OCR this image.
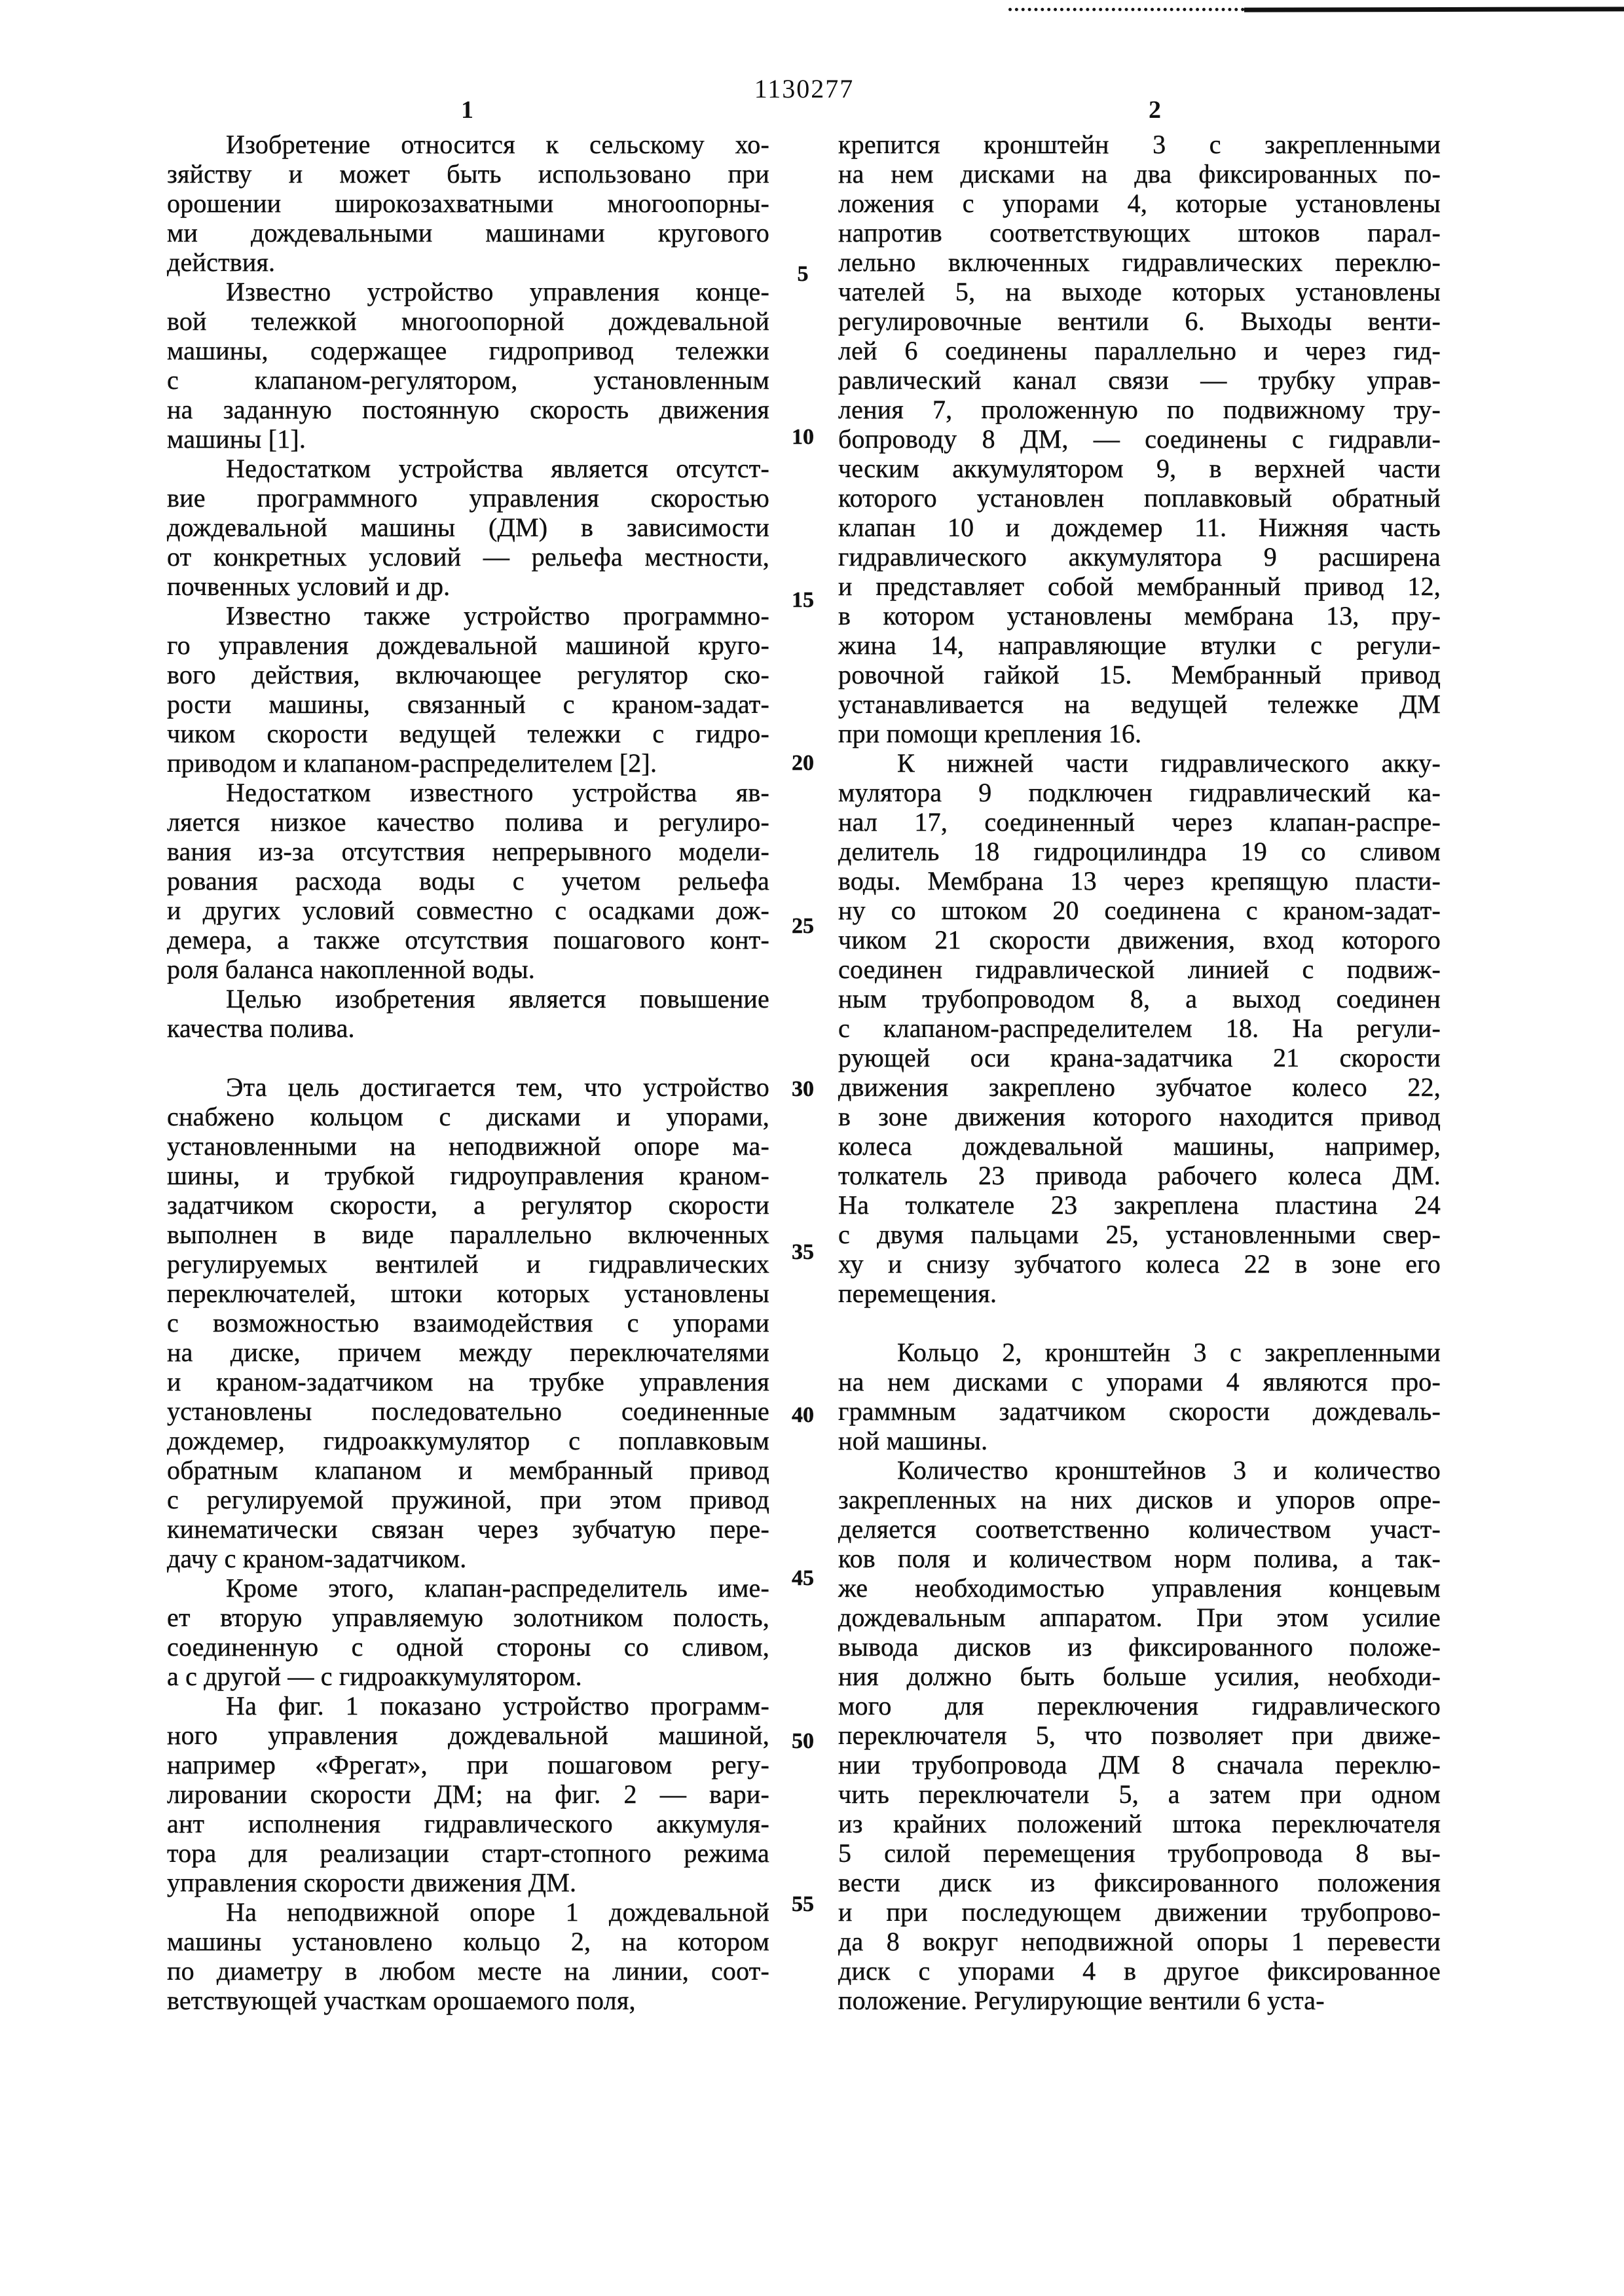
1130277
1	2
5
10
15
20
25
30
35
40
45
50
55
Изобретение относится к сельскому хо-
зяйству и может быть использовано при
орошении широкозахватными многоопорны-
ми дождевальными машинами кругового
действия.
Известно устройство управления конце-
вой тележкой многоопорной дождевальной
машины, содержащее гидропривод тележки
с клапаном-регулятором, установленным
на заданную постоянную скорость движения
машины [1].
Недостатком устройства является отсутст-
вие программного управления скоростью
дождевальной машины (ДМ) в зависимости
от конкретных условий — рельефа местности,
почвенных условий и др.
Известно также устройство программно-
го управления дождевальной машиной круго-
вого действия, включающее регулятор ско-
рости машины, связанный с краном-задат-
чиком скорости ведущей тележки с гидро-
приводом и клапаном-распределителем [2].
Недостатком известного устройства яв-
ляется низкое качество полива и регулиро-
вания из-за отсутствия непрерывного модели-
рования расхода воды с учетом рельефа
и других условий совместно с осадками дож-
демера, а также отсутствия пошагового конт-
роля баланса накопленной воды.
Целью изобретения является повышение
качества полива.
Эта цель достигается тем, что устройство
снабжено кольцом с дисками и упорами,
установленными на неподвижной опоре ма-
шины, и трубкой гидроуправления краном-
задатчиком скорости, а регулятор скорости
выполнен в виде параллельно включенных
регулируемых вентилей и гидравлических
переключателей, штоки которых установлены
с возможностью взаимодействия с упорами
на диске, причем между переключателями
и краном-задатчиком на трубке управления
установлены последовательно соединенные
дождемер, гидроаккумулятор с поплавковым
обратным клапаном и мембранный привод
с регулируемой пружиной, при этом привод
кинематически связан через зубчатую пере-
дачу с краном-задатчиком.
Кроме этого, клапан-распределитель име-
ет вторую управляемую золотником полость,
соединенную с одной стороны со сливом,
а с другой — с гидроаккумулятором.
На фиг. 1 показано устройство программ-
ного управления дождевальной машиной,
например «Фрегат», при пошаговом регу-
лировании скорости ДМ; на фиг. 2 — вари-
ант исполнения гидравлического аккумуля-
тора для реализации старт-стопного режима
управления скорости движения ДМ.
На неподвижной опоре 1 дождевальной
машины установлено кольцо 2, на котором
по диаметру в любом месте на линии, соот-
ветствующей участкам орошаемого поля,
крепится кронштейн 3 с закрепленными
на нем дисками на два фиксированных по-
ложения с упорами 4, которые установлены
напротив соответствующих штоков парал-
лельно включенных гидравлических переклю-
чателей 5, на выходе которых установлены
регулировочные вентили 6. Выходы венти-
лей 6 соединены параллельно и через гид-
равлический канал связи — трубку управ-
ления 7, проложенную по подвижному тру-
бопроводу 8 ДМ, — соединены с гидравли-
ческим аккумулятором 9, в верхней части
которого установлен поплавковый обратный
клапан 10 и дождемер 11. Нижняя часть
гидравлического аккумулятора 9 расширена
и представляет собой мембранный привод 12,
в котором установлены мембрана 13, пру-
жина 14, направляющие втулки с регули-
ровочной гайкой 15. Мембранный привод
устанавливается на ведущей тележке ДМ
при помощи крепления 16.
К нижней части гидравлического акку-
мулятора 9 подключен гидравлический ка-
нал 17, соединенный через клапан-распре-
делитель 18 гидроцилиндра 19 со сливом
воды. Мембрана 13 через крепящую пласти-
ну со штоком 20 соединена с краном-задат-
чиком 21 скорости движения, вход которого
соединен гидравлической линией с подвиж-
ным трубопроводом 8, а выход соединен
с клапаном-распределителем 18. На регули-
рующей оси крана-задатчика 21 скорости
движения закреплено зубчатое колесо 22,
в зоне движения которого находится привод
колеса дождевальной машины, например,
толкатель 23 привода рабочего колеса ДМ.
На толкателе 23 закреплена пластина 24
с двумя пальцами 25, установленными свер-
ху и снизу зубчатого колеса 22 в зоне его
перемещения.
Кольцо 2, кронштейн 3 с закрепленными
на нем дисками с упорами 4 являются про-
граммным задатчиком скорости дождеваль-
ной машины.
Количество кронштейнов 3 и количество
закрепленных на них дисков и упоров опре-
деляется соответственно количеством участ-
ков поля и количеством норм полива, а так-
же необходимостью управления концевым
дождевальным аппаратом. При этом усилие
вывода дисков из фиксированного положе-
ния должно быть больше усилия, необходи-
мого для переключения гидравлического
переключателя 5, что позволяет при движе-
нии трубопровода ДМ 8 сначала переклю-
чить переключатели 5, а затем при одном
из крайних положений штока переключателя
5 силой перемещения трубопровода 8 вы-
вести диск из фиксированного положения
и при последующем движении трубопрово-
да 8 вокруг неподвижной опоры 1 перевести
диск с упорами 4 в другое фиксированное
положение. Регулирующие вентили 6 уста-
